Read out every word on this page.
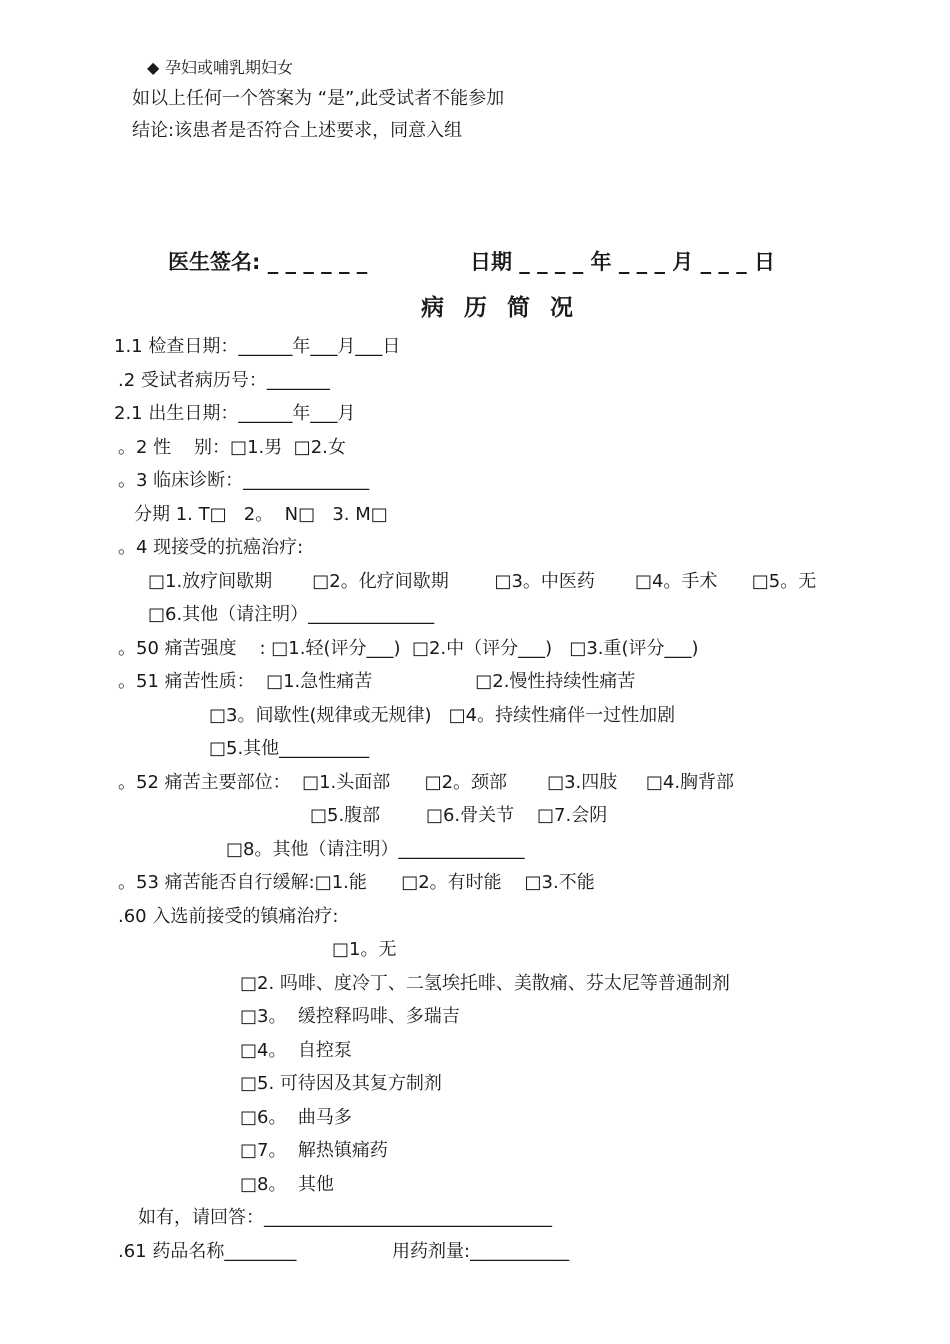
◆ 孕妇或哺乳期妇女
如以上任何一个答案为 “是”,此受试者不能参加
结论:该患者是否符合上述要求，同意入组
医生签名: _ _ _ _ _ _	日期 _ _ _ _ 年 _ _ _ 月 _ _ _ 日
病 历 简 况
1.1 检查日期：______年___月___日
.2 受试者病历号：_______
2.1 出生日期：______年___月
。2 性    别：□1.男  □2.女
。3 临床诊断：______________
分期 1. T□   2。  N□   3. M□
。4 现接受的抗癌治疗:
□1.放疗间歇期       □2。化疗间歇期        □3。中医药       □4。手术      □5。无
□6.其他（请注明）______________
。50 痛苦强度    : □1.轻(评分___)  □2.中（评分___)   □3.重(评分___)
。51 痛苦性质：  □1.急性痛苦                  □2.慢性持续性痛苦
□3。间歇性(规律或无规律)   □4。持续性痛伴一过性加剧
□5.其他__________
。52 痛苦主要部位：  □1.头面部      □2。颈部       □3.四肢     □4.胸背部
□5.腹部        □6.骨关节    □7.会阴
□8。其他（请注明）______________
。53 痛苦能否自行缓解:□1.能      □2。有时能    □3.不能
.60 入选前接受的镇痛治疗:
□1。无
□2. 吗啡、度冷丁、二氢埃托啡、美散痛、芬太尼等普通制剂
□3。  缓控释吗啡、多瑞吉
□4。  自控泵
□5. 可待因及其复方制剂
□6。  曲马多
□7。  解热镇痛药
□8。  其他
如有，请回答：________________________________
.61 药品名称________	用药剂量:___________
